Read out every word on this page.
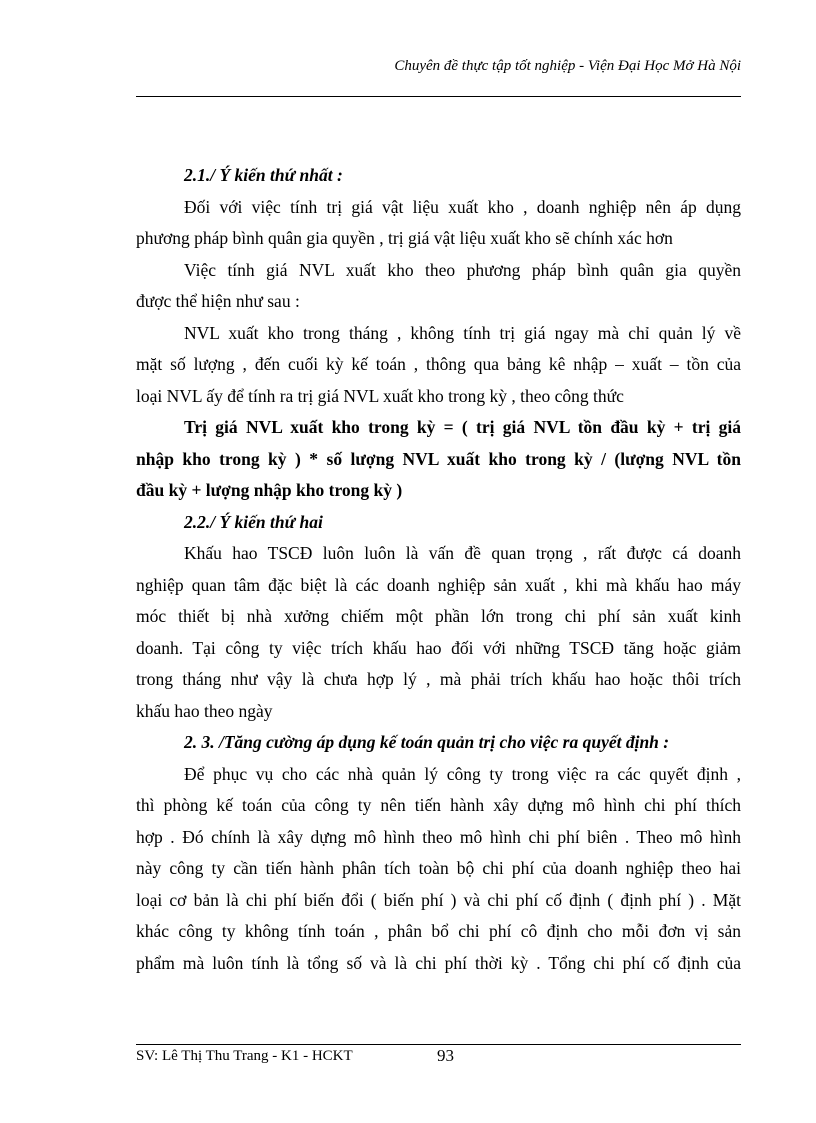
Chuyên đề thực tập tốt nghiệp - Viện Đại Học Mở Hà Nội
2.1./ Ý kiến thứ nhất :
Đối với việc tính trị giá vật liệu xuất kho , doanh nghiệp nên áp dụng
phương pháp bình quân gia quyền , trị giá vật liệu xuất kho sẽ chính xác hơn
Việc tính giá NVL xuất kho theo phương pháp bình quân gia quyền
được thể hiện như sau :
NVL xuất kho trong tháng , không tính trị giá ngay mà chỉ quản lý về
mặt số lượng , đến cuối kỳ kế toán , thông qua bảng kê nhập – xuất – tồn của
loại NVL ấy để tính ra trị giá NVL xuất kho trong kỳ , theo công thức
Trị giá NVL xuất kho trong kỳ = ( trị giá NVL tồn đầu kỳ + trị giá
nhập kho trong kỳ ) * số lượng NVL xuất kho trong kỳ / (lượng NVL tồn
đầu kỳ + lượng nhập kho trong kỳ )
2.2./ Ý kiến thứ hai
Khấu hao TSCĐ luôn luôn là vấn đề quan trọng , rất được cá doanh
nghiệp quan tâm đặc biệt là các doanh nghiệp sản xuất , khi mà khấu hao máy
móc thiết bị nhà xưởng chiếm một phần lớn trong chi phí sản xuất kinh
doanh. Tại công ty việc trích khấu hao đối với những TSCĐ tăng hoặc giảm
trong tháng như vậy là chưa hợp lý , mà phải trích khấu hao hoặc thôi trích
khấu hao theo ngày
2. 3. /Tăng cường áp dụng kế toán quản trị cho việc ra quyết định :
Để phục vụ cho các nhà quản lý công ty trong việc ra các quyết định ,
thì phòng kế toán của công ty nên tiến hành xây dựng mô hình chi phí thích
hợp . Đó chính là xây dựng mô hình theo mô hình chi phí biên . Theo mô hình
này công ty cần tiến hành phân tích toàn bộ chi phí của doanh nghiệp theo hai
loại cơ bản là chi phí biến đổi ( biến phí ) và chi phí cố định ( định phí ) . Mặt
khác công ty không tính toán , phân bổ chi phí cô định cho mỗi đơn vị sản
phẩm mà luôn tính là tổng số và là chi phí thời kỳ . Tổng chi phí cố định của
SV: Lê Thị Thu Trang - K1 - HCKT	93
